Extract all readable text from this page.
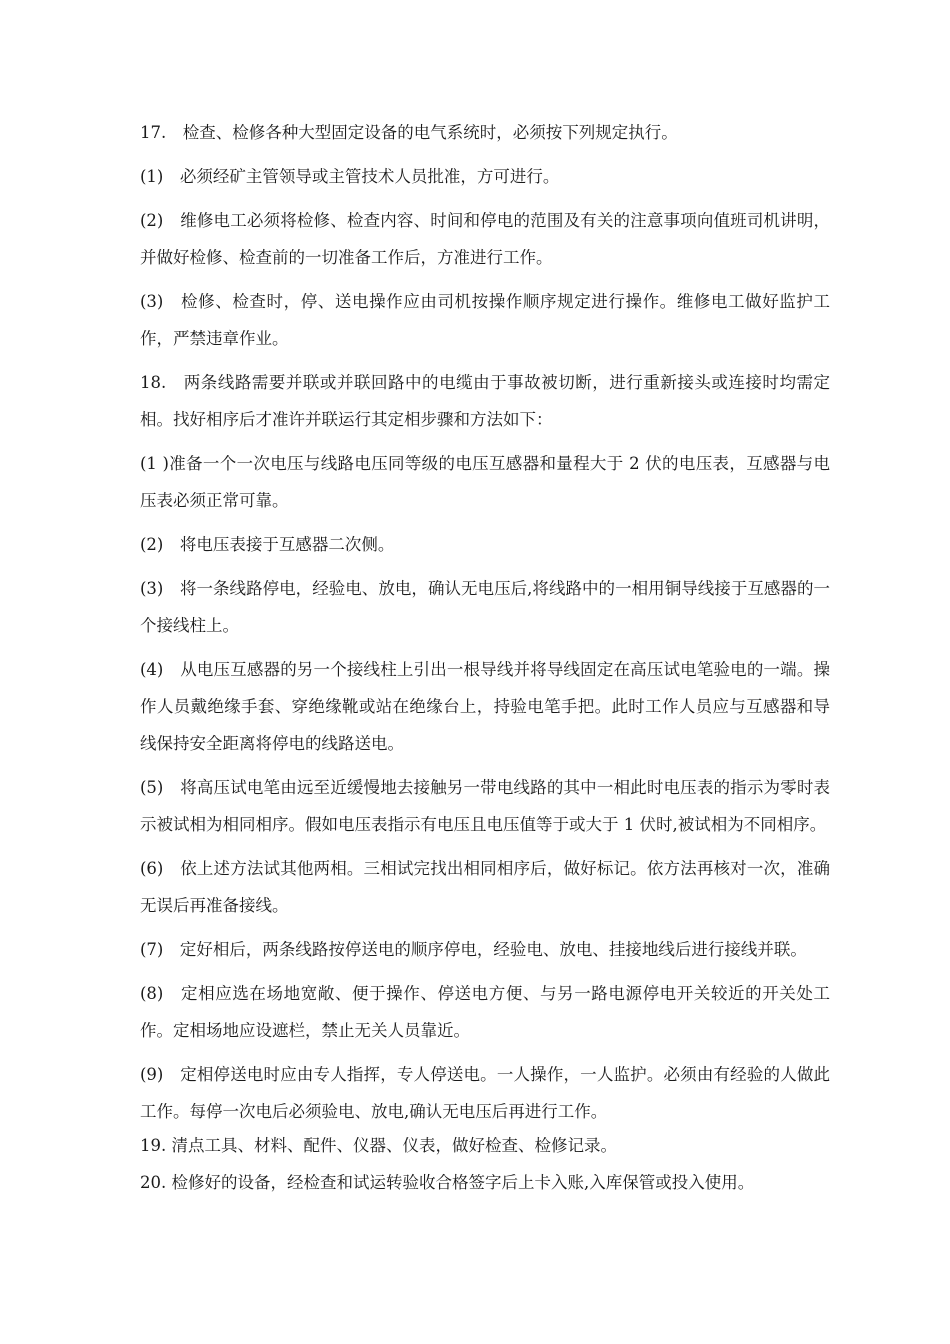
17.　检查、检修各种大型固定设备的电气系统时，必须按下列规定执行。

(1)　必须经矿主管领导或主管技术人员批准，方可进行。

(2)　维修电工必须将检修、检查内容、时间和停电的范围及有关的注意事项向值班司机讲明，并做好检修、检查前的一切准备工作后，方准进行工作。

(3)　检修、检查时，停、送电操作应由司机按操作顺序规定进行操作。维修电工做好监护工作，严禁违章作业。

18.　两条线路需要并联或并联回路中的电缆由于事故被切断，进行重新接头或连接时均需定相。找好相序后才准许并联运行其定相步骤和方法如下：

(1 )准备一个一次电压与线路电压同等级的电压互感器和量程大于 2 伏的电压表，互感器与电压表必须正常可靠。

(2)　将电压表接于互感器二次侧。

(3)　将一条线路停电，经验电、放电，确认无电压后,将线路中的一相用铜导线接于互感器的一个接线柱上。

(4)　从电压互感器的另一个接线柱上引出一根导线并将导线固定在高压试电笔验电的一端。操作人员戴绝缘手套、穿绝缘靴或站在绝缘台上，持验电笔手把。此时工作人员应与互感器和导线保持安全距离将停电的线路送电。

(5)　将高压试电笔由远至近缓慢地去接触另一带电线路的其中一相此时电压表的指示为零时表示被试相为相同相序。假如电压表指示有电压且电压值等于或大于 1 伏时,被试相为不同相序。

(6)　依上述方法试其他两相。三相试完找出相同相序后，做好标记。依方法再核对一次，准确无误后再准备接线。

(7)　定好相后，两条线路按停送电的顺序停电，经验电、放电、挂接地线后进行接线并联。

(8)　定相应选在场地宽敞、便于操作、停送电方便、与另一路电源停电开关较近的开关处工作。定相场地应设遮栏，禁止无关人员靠近。

(9)　定相停送电时应由专人指挥，专人停送电。一人操作，一人监护。必须由有经验的人做此工作。每停一次电后必须验电、放电,确认无电压后再进行工作。

19. 清点工具、材料、配件、仪器、仪表，做好检查、检修记录。

20. 检修好的设备，经检查和试运转验收合格签字后上卡入账,入库保管或投入使用。
